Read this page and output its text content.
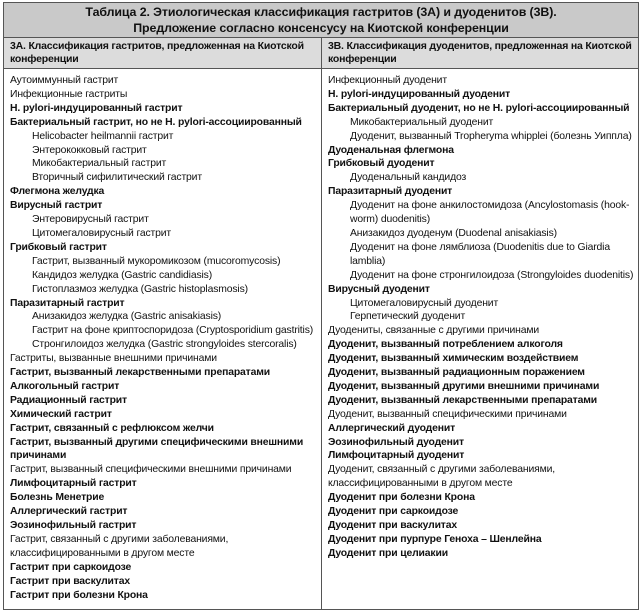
Таблица 2. Этиологическая классификация гастритов (3А) и дуоденитов (3В).
Предложение согласно консенсусу на Киотской конференции
3А. Классификация гастритов, предложенная на Киотской конференции
3В. Классификация дуоденитов, предложенная на Киотской конференции
Аутоиммунный гастрит
Инфекционные гастриты
H. pylori-индуцированный гастрит
Бактериальный гастрит, но не H. pylori-ассоциированный
Helicobacter heilmannii гастрит
Энтерококковый гастрит
Микобактериальный гастрит
Вторичный сифилитический гастрит
Флегмона желудка
Вирусный гастрит
Энтеровирусный гастрит
Цитомегаловирусный гастрит
Грибковый гастрит
Гастрит, вызванный мукоромикозом (mucoromycosis)
Кандидоз желудка (Gastric candidiasis)
Гистоплазмоз желудка (Gastric histoplasmosis)
Паразитарный гастрит
Анизакидоз желудка (Gastric anisakiasis)
Гастрит на фоне криптоспоридоза (Cryptosporidium gastritis)
Стронгилоидоз желудка (Gastric strongyloides stercoralis)
Гастриты, вызванные внешними причинами
Гастрит, вызванный лекарственными препаратами
Алкогольный гастрит
Радиационный гастрит
Химический гастрит
Гастрит, связанный с рефлюксом желчи
Гастрит, вызванный другими специфическими внешними причинами
Гастрит, вызванный специфическими внешними причинами
Лимфоцитарный гастрит
Болезнь Менетрие
Аллергический гастрит
Эозинофильный гастрит
Гастрит, связанный с другими заболеваниями, классифицированными в другом месте
Гастрит при саркоидозе
Гастрит при васкулитах
Гастрит при болезни Крона
Инфекционный дуоденит
H. pylori-индуцированный дуоденит
Бактериальный дуоденит, но не H. pylori-ассоциированный
Микобактериальный дуоденит
Дуоденит, вызванный Tropheryma whipplei (болезнь Уиппла)
Дуоденальная флегмона
Грибковый дуоденит
Дуоденальный кандидоз
Паразитарный дуоденит
Дуоденит на фоне анкилостомидоза (Ancylostomasis (hook-worm) duodenitis)
Анизакидоз дуоденум (Duodenal anisakiasis)
Дуоденит на фоне лямблиоза (Duodenitis due to Giardia lamblia)
Дуоденит на фоне стронгилоидоза (Strongyloides duodenitis)
Вирусный дуоденит
Цитомегаловирусный дуоденит
Герпетический дуоденит
Дуодениты, связанные с другими причинами
Дуоденит, вызванный потреблением алкоголя
Дуоденит, вызванный химическим воздействием
Дуоденит, вызванный радиационным поражением
Дуоденит, вызванный другими внешними причинами
Дуоденит, вызванный лекарственными препаратами
Дуоденит, вызванный специфическими причинами
Аллергический дуоденит
Эозинофильный дуоденит
Лимфоцитарный дуоденит
Дуоденит, связанный с другими заболеваниями, классифицированными в другом месте
Дуоденит при болезни Крона
Дуоденит при саркоидозе
Дуоденит при васкулитах
Дуоденит при пурпуре Геноха – Шенлейна
Дуоденит при целиакии
